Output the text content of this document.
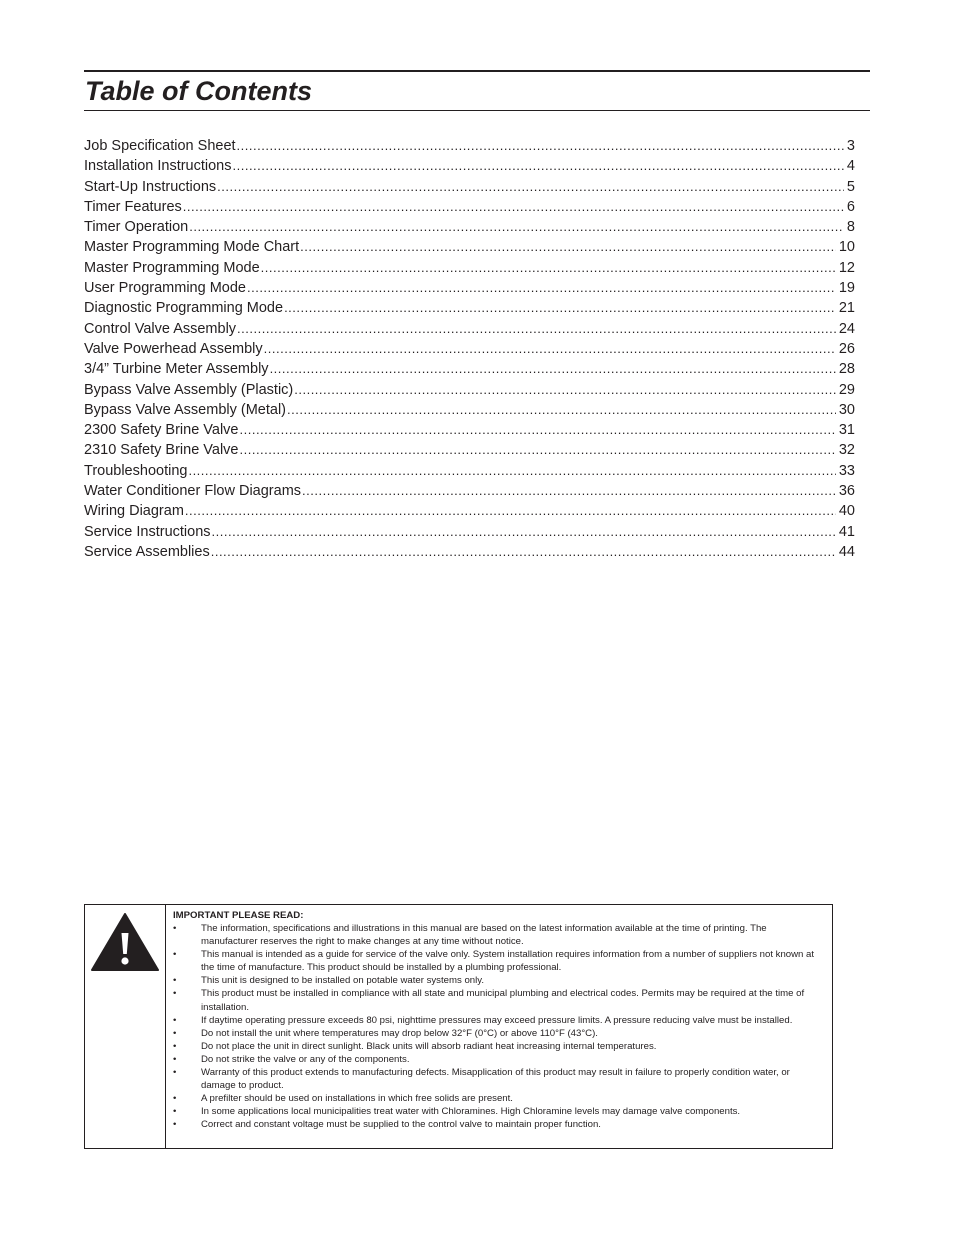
Table of Contents
Job Specification Sheet .....	3
Installation Instructions .....	4
Start-Up Instructions .....	5
Timer Features .....	6
Timer Operation .....	8
Master Programming Mode Chart .....	10
Master Programming Mode .....	12
User Programming Mode .....	19
Diagnostic Programming Mode .....	21
Control Valve Assembly .....	24
Valve Powerhead Assembly .....	26
3/4” Turbine Meter Assembly .....	28
Bypass Valve Assembly (Plastic) .....	29
Bypass Valve Assembly (Metal) .....	30
2300 Safety Brine Valve .....	31
2310 Safety Brine Valve .....	32
Troubleshooting .....	33
Water Conditioner Flow Diagrams .....	36
Wiring Diagram .....	40
Service Instructions .....	41
Service Assemblies .....	44
IMPORTANT PLEASE READ:
•	The information, specifications and illustrations in this manual are based on the latest information available at the time of printing. The manufacturer reserves the right to make changes at any time without notice.
•	This manual is intended as a guide for service of the valve only. System installation requires information from a number of suppliers not known at the time of manufacture. This product should be installed by a plumbing professional.
•	This unit is designed to be installed on potable water systems only.
•	This product must be installed in compliance with all state and municipal plumbing and electrical codes. Permits may be required at the time of installation.
•	If daytime operating pressure exceeds 80 psi, nighttime pressures may exceed pressure limits. A pressure reducing valve must be installed.
•	Do not install the unit where temperatures may drop below 32°F (0°C) or above 110°F (43°C).
•	Do not place the unit in direct sunlight. Black units will absorb radiant heat increasing internal temperatures.
•	Do not strike the valve or any of the components.
•	Warranty of this product extends to manufacturing defects. Misapplication of this product may result in failure to properly condition water, or damage to product.
•	A prefilter should be used on installations in which free solids are present.
•	In some applications local municipalities treat water with Chloramines. High Chloramine levels may damage valve components.
•	Correct and constant voltage must be supplied to the control valve to maintain proper function.
